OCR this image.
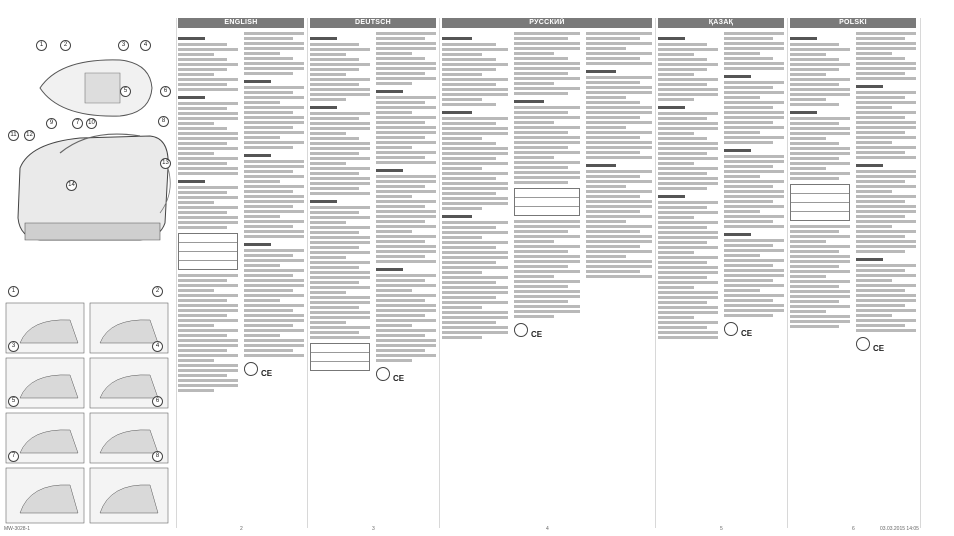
1	2	3	4
5	6
7	8
9	10
11	12
13
14
1	2
3	4
5	6
7	8
ENGLISH	DEUTSCH	РУССКИЙ	ҚАЗАҚ	POLSKI
CE
CE
CE	CE
CE
2	3	4	5	6
MW-3028-1	03.03.2015 14:05
